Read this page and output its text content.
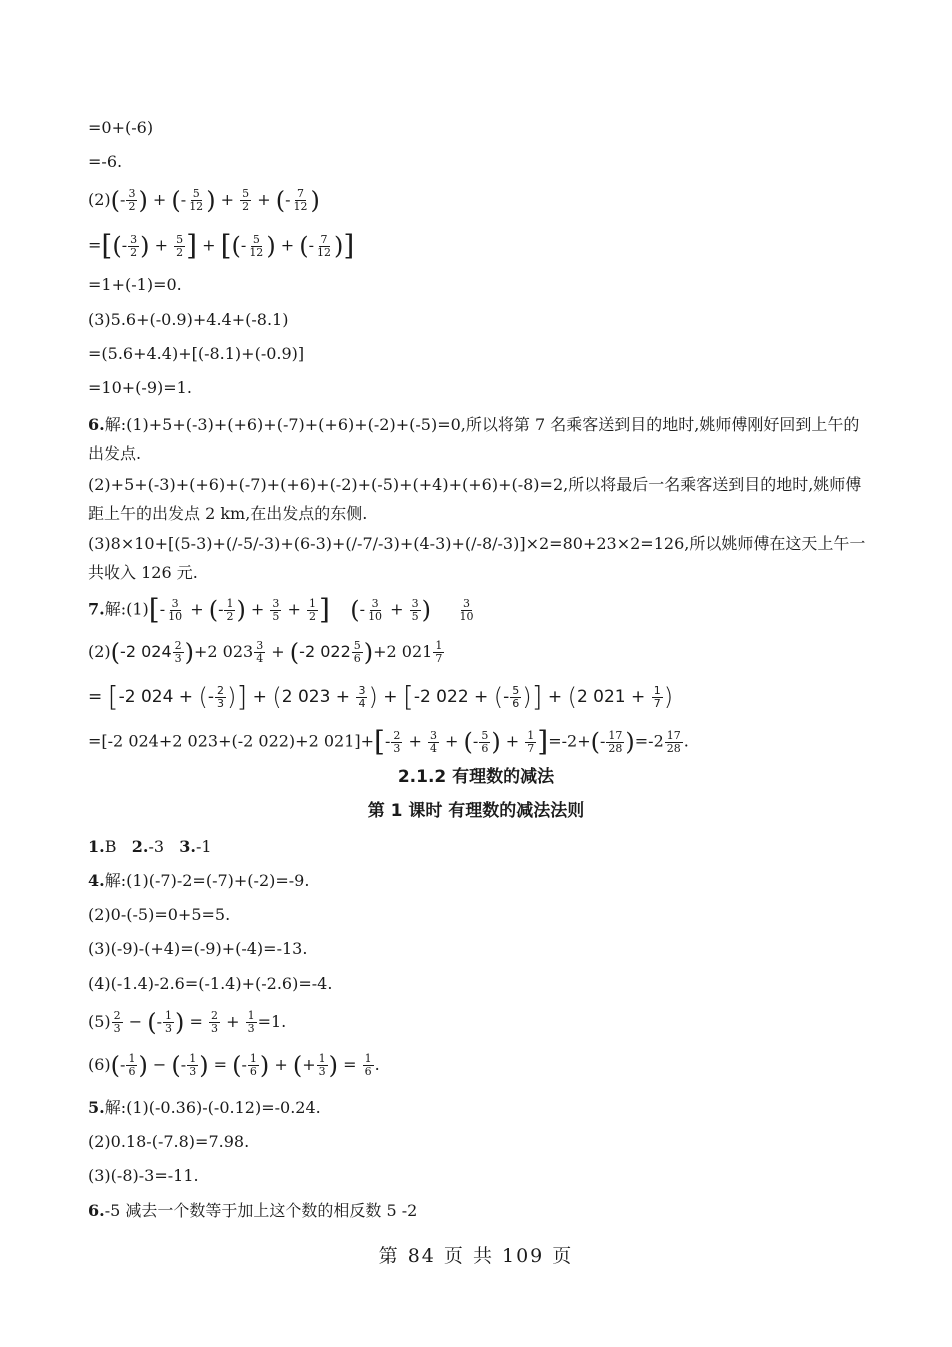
=0+(-6)
=-6.
$(2)(- \frac{3}{2}$ ) + (- $\frac{5}{12}$ ) + $\frac{5}{2}$ + (- $\frac{7}{12}$ )
=[(- $\frac{3}{2}$ ) + $\frac{5}{2}$ ] + [(- $\frac{5}{12}$ ) + (- $\frac{7}{12}$ )]
=1+(-1)=0.
(3)5.6+(-0.9)+4.4+(-8.1)
=(5.6+4.4)+[(-8.1)+(-0.9)]
=10+(-9)=1.
6.解:(1)+5+(-3)+(+6)+(-7)+(+6)+(-2)+(-5)=0,所以将第 7 名乘客送到目的地时,姚师傅刚好回到上午的出发点.
(2)+5+(-3)+(+6)+(-7)+(+6)+(-2)+(-5)+(+4)+(+6)+(-8)=2,所以将最后一名乘客送到目的地时,姚师傅距上午的出发点 2 km,在出发点的东侧.
(3)8×10+[(5-3)+(/-5/-3)+(6-3)+(/-7/-3)+(4-3)+(/-8/-3)]×2=80+23×2=126,所以姚师傅在这天上午一共收入 126 元.
7.解:(1)[- $\frac{3}{10}$ + (- $\frac{1}{2}$ ) + $\frac{3}{5} + \frac{1}{2}$ ] (- $\frac{3}{10} + \frac{3}{5}$ ) $\frac{3}{10}$
(2)(-2 $024 \frac{2}{3} )+2$ $023 \frac{3}{4} + (-2$ $022 \frac{5}{6} )+2$ $021 \frac{1}{7}$
= [-2 024 + (- $\frac{2}{3}$ )] + (2 $023 + \frac{3}{4}$ ) + [-2 022 + (- $\frac{5}{6}$ )] + (2 $021 + \frac{1}{7}$ )
=[-2 024+2 023+(-2 022)+2 $021]+[- \frac{2}{3} + \frac{3}{4}$ + (- $\frac{5}{6}$ ) + $\frac{1}{7} ]=-2+(- \frac{17}{28} )=-2 \frac{17}{28}$ .
2.1.2 有理数的减法
第 1 课时 有理数的减法法则
1.B 2.-3 3.-1
4.解:(1)(-7)-2=(-7)+(-2)=-9.
(2)0-(-5)=0+5=5.
(3)(-9)-(+4)=(-9)+(-4)=-13.
(4)(-1.4)-2.6=(-1.4)+(-2.6)=-4.
$(5) \frac{2}{3}$ − (- $\frac{1}{3}$ ) = $\frac{2}{3} + \frac{1}{3} =1$.
$(6)(- \frac{1}{6}$ ) − (- $\frac{1}{3}$ ) = (- $\frac{1}{6}$ ) + (+ $\frac{1}{3}$ ) = $\frac{1}{6}$ .
5.解:(1)(-0.36)-(-0.12)=-0.24.
(2)0.18-(-7.8)=7.98.
(3)(-8)-3=-11.
6.-5 减去一个数等于加上这个数的相反数 5 -2
第 84 页 共 109 页
